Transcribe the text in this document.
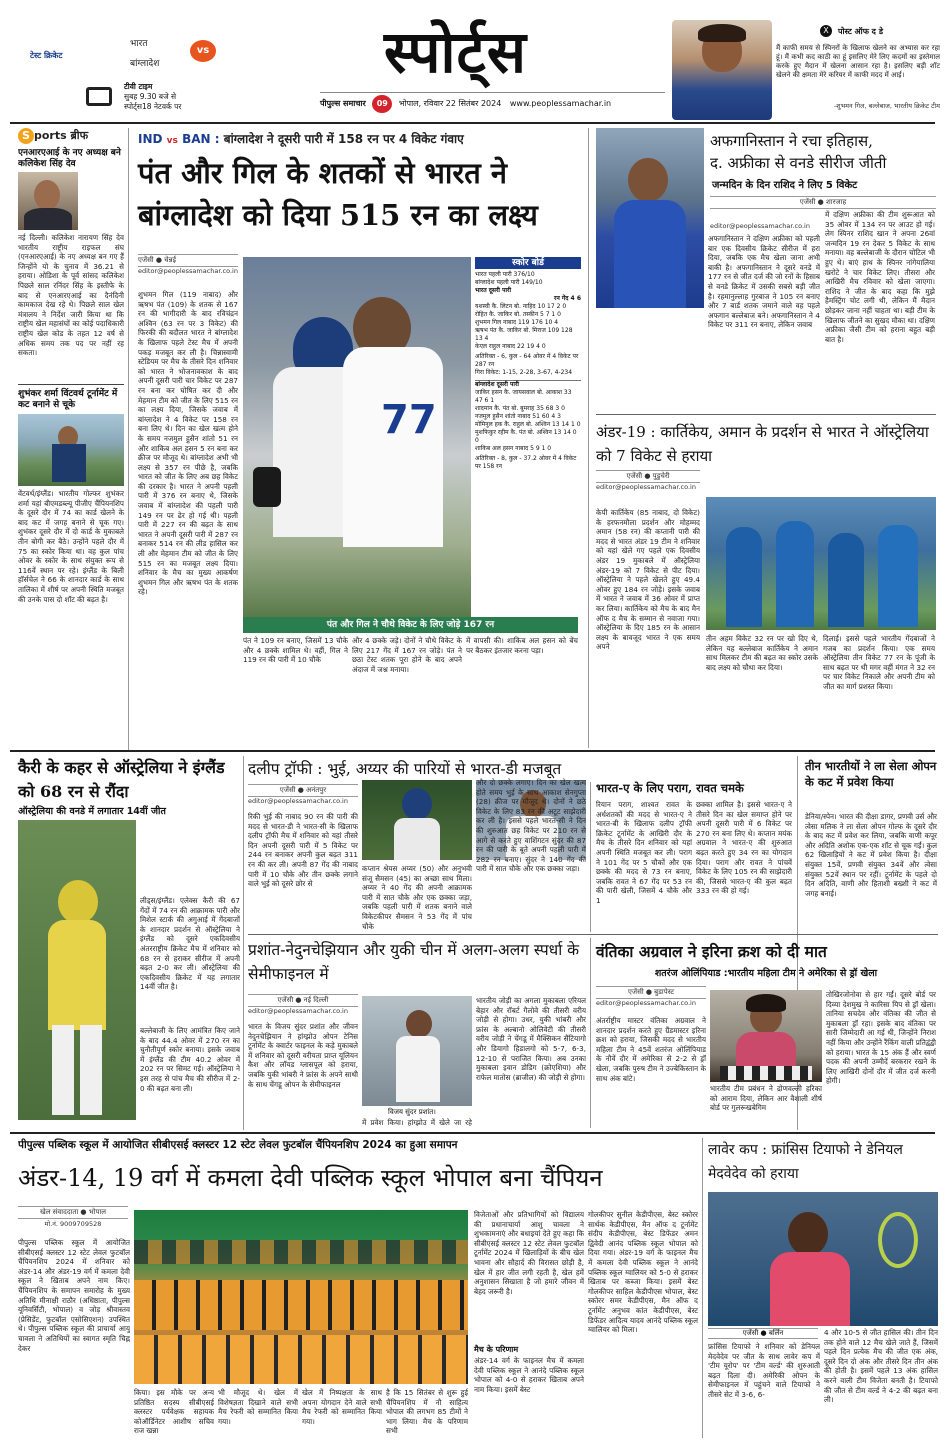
टेस्ट क्रिकेट
भारत
बांग्लादेश
vs
टीवी टाइम
सुबह 9.30 बजे से
स्पोर्ट्स18 नेटवर्क पर
स्पोर्ट्स
पीपुल्स समाचार 09 भोपाल, रविवार 22 सितंबर 2024 www.peoplessamachar.in
X	पोस्ट ऑफ द डे
मैं काफी समय से स्पिनरों के खिलाफ खेलने का अभ्यास कर रहा हूं। मैं कभी कद काठी का हूं इसलिए मेरे लिए कदमों का इस्तेमाल करके हुए मैदान में खेलना आसान रहा है। इसलिए बड़ी शॉट खेलने की क्षमता मेरे करियर में काफी मदद में आई।
-शुभमन गिल, बल्लेबाज, भारतीय क्रिकेट टीम
S ports ब्रीफ
एनआरएआई के नए अध्यक्ष बने कलिकेश सिंह देव
नई दिल्ली। कलिकेश नारायण सिंह देव भारतीय राष्ट्रीय राइफल संघ (एनआरएआई) के नए अध्यक्ष बन गए हैं जिन्होंने यो के चुनाव में 36.21 से हराया। ओडिशा के पूर्व सांसद कलिकेश पिछले साल रनिंदर सिंह के इस्तीफे के बाद से एनआरएआई का दैनंदिनी कामकाज देख रहे थे। पिछले साल खेल मंत्रालय ने निर्देश जारी किया था कि राष्ट्रीय खेल महासंघों का कोई पदाधिकारी राष्ट्रीय खेल कोड के तहत 12 वर्ष से अधिक समय तक पद पर नहीं रह सकता।
शुभंकर शर्मा विंटवर्थ टूर्नामेंट में कट बनाने से चूके
वेंटवर्थ/इंग्लैंड। भारतीय गोल्फर शुभंकर शर्मा यहां बीएमडब्ल्यू पीजीए चैंपियनशिप के दूसरे दौर में 74 का कार्ड खेलने के बाद कट में जगह बनाने से चूक गए। शुभंकर दूसरे दौर में दो कार्ड के मुकाबले तीन बोगी कर बैठे। उन्होंने पहले दौर में 75 का स्कोर किया था। वह कुल पांच ओवर के स्कोर के साथ संयुक्त रूप से 116वें स्थान पर रहे। इंग्लैंड के बिली हॉर्सचेल ने 66 के शानदार कार्ड के साथ तालिका में शीर्ष पर अपनी स्थिति मजबूत की उनके पास दो शॉट की बढ़त है।
IND vs BAN : बांग्लादेश ने दूसरी पारी में 158 रन पर 4 विकेट गंवाए
पंत और गिल के शतकों से भारत ने बांग्लादेश को दिया 515 रन का लक्ष्य
एजेंसी ● चेन्नई
editor@peoplessamachar.co.in
शुभमन गिल (119 नाबाद) और ऋषभ पंत (109) के शतक से 167 रन की भागीदारी के बाद रविचंद्रन अश्विन (63 रन पर 3 विकेट) की फिरकी की बदौलत भारत ने बांग्लादेश के खिलाफ पहले टेस्ट मैच में अपनी पकड़ मजबूत कर ली है। चिन्नास्वामी स्टेडियम पर मैच के तीसरे दिन शनिवार को भारत ने भोजनावकाश के बाद अपनी दूसरी पारी चार विकेट पर 287 रन बना कर घोषित कर दी और मेहमान टीम को जीत के लिए 515 रन का लक्ष्य दिया, जिसके जवाब में बांग्लादेश ने 4 विकेट पर 158 रन बना लिए थे। दिन का खेल खत्म होने के समय नजमुल हुसैन शांतो 51 रन और शाकिब अल हसन 5 रन बना कर क्रीज पर मौजूद थे। बांग्लादेश अभी भी लक्ष्य से 357 रन पीछे है, जबकि भारत को जीत के लिए अब छह विकेट की दरकार है। भारत ने अपनी पहली पारी में 376 रन बनाए थे, जिसके जवाब में बांग्लादेश की पहली पारी 149 रन पर ढेर हो गई थी। पहली पारी में 227 रन की बढ़त के साथ भारत ने अपनी दूसरी पारी में 287 रन बनाकर 514 रन की लीड हासिल कर ली और मेहमान टीम को जीत के लिए 515 रन का मजबूत लक्ष्य दिया। शनिवार के मैच का मुख्य आकर्षण शुभमन गिल और ऋषभ पंत के शतक रहे।
77
पंत और गिल ने चौथे विकेट के लिए जोड़े 167 रन
पंत ने 109 रन बनाए, जिसमें 13 चौके और 4 छक्के शामिल थे। वहीं, गिल ने 119 रन की पारी में 10 चौके
और 4 छक्के जड़े। दोनों ने चौथे विकेट के लिए 217 गेंद में 167 रन जोड़े। पंत ने छठा टेस्ट शतक पूरा होने के बाद अपने अंदाज में जश्न मनाया।
में वापसी की। शाकिब अल हसन को बेंच पर बैठकर इंतजार करना पड़ा।
स्कोर बोर्ड
भारत पहली पारी 376/10
बांग्लादेश पहली पारी 149/10
भारत दूसरी पारी
रन गेंद 4 6
यशस्वी कै. लिटन बो. नाहिद 10 17 2 0
रोहित कै. जाकिर बो. तस्कीन 5 7 1 0
शुभमन गिल नाबाद 119 176 10 4
ऋषभ पंत कै. जाकिर बो. मिराज 109 128 13 4
केएल राहुल नाबाद 22 19 4 0
अतिरिक्त - 6, कुल - 64 ओवर में 4 विकेट पर 287 रन
गिरा विकेट: 1-15, 2-28, 3-67, 4-234
बांग्लादेश दूसरी पारी
जाकिर हसन कै. जायसवाल बो. आकाश 33 47 6 1
शादमान कै. पंत बो. बुमराह 35 68 3 0
नजमुल हुसैन शांतो नाबाद 51 60 4 3
मोमिनुल हक कै. राहुल बो. अश्विन 13 14 1 0
मुशफिकुर रहीम कै. पंत बो. अश्विन 13 14 0 0
शाकिब अल हसन नाबाद 5 9 1 0
अतिरिक्त - 8, कुल - 37.2 ओवर में 4 विकेट पर 158 रन
अफगानिस्तान ने रचा इतिहास,
द. अफ्रीका से वनडे सीरीज जीती
जन्मदिन के दिन राशिद ने लिए 5 विकेट
एजेंसी ● शारजाह
editor@peoplessamachar.co.in
अफगानिस्तान ने दक्षिण अफ्रीका को पहली बार एक दिवसीय क्रिकेट सीरीज में हरा दिया, जबकि एक मैच खेला जाना अभी बाकी है। अफगानिस्तान ने दूसरे वनडे में 177 रन से जीत दर्ज की जो रनों के हिसाब से वनडे क्रिकेट में उसकी सबसे बड़ी जीत है। रहमानुल्लाह गुरबाज ने 105 रन बनाए और 7 बार्ड शतक जमाने वाले वह पहले अफगान बल्लेबाज बने। अफगानिस्तान ने 4 विकेट पर 311 रन बनाए, लेकिन जवाब
में दक्षिण अफ्रीका की टीम शुरूआत को 35 ओवर में 134 रन पर आउट हो गई। लेग स्पिनर राशिद खान ने अपना 26वां जन्मदिन 19 रन देकर 5 विकेट के साथ मनाया। वह बल्लेबाजी के दौरान चोटिल भी हुए थे। बाएं हाथ के स्पिनर नांगेयालिया खरोटे ने चार विकेट लिए। तीसरा और आखिरी मैच रविवार को खेला जाएगा। राशिद ने जीत के बाद कहा कि मुझे हैमस्ट्रिंग चोट लगी थी, लेकिन मैं मैदान छोड़कर जाना नहीं चाहता था। बड़ी टीम के खिलाफ जीतने का सुखद मौका था। दक्षिण अफ्रीका जैसी टीम को हराना बहुत बड़ी बात है।
अंडर-19 : कार्तिकेय, अमान के प्रदर्शन से भारत ने ऑस्ट्रेलिया को 7 विकेट से हराया
एजेंसी ● पुडुचेरी
editor@peoplessamachar.co.in
केपी कार्तिकेय (85 नाबाद, दो विकेट) के हरफनमौला प्रदर्शन और मोहम्मद अमान (58 रन) की कप्तानी पारी की मदद से भारत अंडर 19 टीम ने शनिवार को यहां खेले गए पहले एक दिवसीय अंडर 19 मुकाबले में ऑस्ट्रेलिया अंडर-19 को 7 विकेट से पीट दिया। ऑस्ट्रेलिया ने पहले खेलते हुए 49.4 ओवर हुए 184 रन जोड़े। इसके जवाब में भारत ने जवाब में 36 ओवर में प्राप्त कर लिया। कार्तिकेय को मैच के बाद मैन ऑफ द मैच के सम्मान से नवाजा गया। ऑस्ट्रेलिया के दिए 185 रन के आसान लक्ष्य के बावजूद भारत ने एक समय अपने
तीन अहम विकेट 32 रन पर खो दिए थे, लेकिन यह बल्लेबाज कार्तिकेय ने अमान साथ मिलकर टीम की बढ़त का स्कोर उसके बाद लक्ष्य को चौथा कर दिया।
दिलाई। इससे पहले भारतीय गेंदबाजों ने गजब का प्रदर्शन किया। एक समय ऑस्ट्रेलिया तीन विकेट 77 रन के पूंजी के साथ बढ़त पर थी मगर वहीं मंगत ने 32 रन पर चार विकेट निकाले और अपनी टीम को जीत का मार्ग प्रशस्त किया।
कैरी के कहर से ऑस्ट्रेलिया ने इंग्लैंड को 68 रन से रौंदा
ऑस्ट्रेलिया की वनडे में लगातार 14वीं जीत
लीड्स/इंग्लैंड। एलेक्स कैरी की 67 गेंदों में 74 रन की आक्रामक पारी और मिशेल स्टार्क की अगुआई में गेंदबाजों के शानदार प्रदर्शन से ऑस्ट्रेलिया ने इंग्लैंड को दूसरे एकदिवसीय अंतरराष्ट्रीय क्रिकेट मैच में शनिवार को 68 रन से हराकर सीरीज में अपनी बढ़त 2-0 कर ली। ऑस्ट्रेलिया की एकदिवसीय क्रिकेट में यह लगातार 14वीं जीत है।
बल्लेबाजी के लिए आमंत्रित किए जाने के बाद 44.4 ओवर में 270 रन का चुनौतीपूर्ण स्कोर बनाया। इसके जवाब में इंग्लैंड की टीम 40.2 ओवर में 202 रन पर सिमट गई। ऑस्ट्रेलिया ने इस तरह से पांच मैच की सीरीज में 2-0 की बढ़त बना ली।
दलीप ट्रॉफी : भुई, अय्यर की पारियों से भारत-डी मजबूत
एजेंसी ● अनंतपुर
editor@peoplessamachar.co.in
रिकी भुई की नाबाद 90 रन की पारी की मदद से भारत-डी ने भारत-सी के खिलाफ दलीप ट्रॉफी मैच में शनिवार को यहां तीसरे दिन अपनी दूसरी पारी में 5 विकेट पर 244 रन बनाकर अपनी कुल बढ़त 311 रन की कर ली। अपनी 87 गेंद की नाबाद पारी में 10 चौके और तीन छक्के लगाने वाले भुई को दूसरे छोर से
कप्तान श्रेयस अय्यर (50) और अनुभवी संजू सैमसन (45) का अच्छा साथ मिला। अय्यर ने 40 गेंद की अपनी आक्रामक पारी में सात चौके और एक छक्का जड़ा, जबकि पहली पारी में शतक बनाने वाले विकेटकीपर सैमसन ने 53 गेंद में पांच चौके
और दो छक्के लगाए। दिन का खेल खत्म होते समय भुई के साथ आकाश सेनगुप्ता (28) क्रीज पर मौजूद थे। दोनों ने छठे विकेट के लिए 83 रन की अटूट साझेदारी कर ली है। इससे पहले भारत-सी ने दिन की शुरुआत छह विकेट पर 210 रन से आगे से करते हुए वाशिंगटन सुंदर की 87 रन की पारी के बूते अपनी पहली पारी में 282 रन बनाए। सुंदर ने 140 गेंद की पारी में सात चौके और एक छक्का जड़ा।
भारत-ए के लिए पराग, रावत चमके
रियान पराग, शाश्वत रावत के अर्धशतकों की मदद से भारत-ए ने भारत-बी के खिलाफ दलीप ट्रॉफी क्रिकेट टूर्नामेंट के आखिरी दौर के मैच के तीसरे दिन शनिवार को यहां अपनी स्थिति मजबूत कर ली। पराग ने 101 गेंद पर 5 चौकों और एक छक्के की मदद से 73 रन बनाए, जबकि रावत ने 67 गेंद पर 53 रन की पारी खेली, जिसमें 4 चौके और 1
छक्का शामिल है। इससे भारत-ए ने तीसरे दिन का खेल समाप्त होने पर अपनी दूसरी पारी में 6 विकेट पर 270 रन बना लिए थे। कप्तान मयंक अग्रवाल ने भारत-ए की शुरुआत बढ़त करते हुए 34 रन का योगदान दिया। पराग और रावत ने पांचवें विकेट के लिए 105 रन की साझेदारी की, जिससे भारत-ए की कुल बढ़त 333 रन की हो गई।
तीन भारतीयों ने ला सेला ओपन के कट में प्रवेश किया
डेनिया/स्पेन। भारत की दीक्षा डागर, प्रणवी उर्स और त्वेसा मलिक ने ला सेला ओपन गोल्फ के दूसरे दौर के बाद कट में प्रवेश कर लिया, जबकि वाणी कपूर और अदिति अशोक एक-एक शॉट से चूक गईं। कुल 62 खिलाड़ियों ने कट में प्रवेश किया है। दीक्षा संयुक्त 15वें, प्रणवी संयुक्त 34वें और त्वेसा संयुक्त 52वें स्थान पर रहीं। टूर्नामेंट के पहले दो दिन अदिति, वाणी और हिताशी बख्शी ने कट में जगह बनाई।
प्रशांत-नेदुनचेझियान और युकी चीन में अलग-अलग स्पर्धा के सेमीफाइनल में
एजेंसी ● नई दिल्ली
editor@peoplessamachar.co.in
भारत के विजय सुंदर प्रशांत और जीवन नेदुनचेझियान ने हांग्झोउ ओपन टेनिस टूर्नामेंट के क्वार्टर फाइनल के कड़े मुकाबले में शनिवार को दूसरी वरीयता प्राप्त यूलियन कैश और लॉयड ग्लासपूल को हराया, जबकि युकी भांबरी ने फ्रांस के अपने साथी के साथ चेंगडू ओपन के सेमीफाइनल
विजय सुंदर प्रशांत।
में प्रवेश किया। हांग्झोउ में खेले जा रहे
भारतीय जोड़ी का अगला मुकाबला एरियल बेहार और रॉबर्ट गैलोवे की तीसरी वरीय जोड़ी से होगा। उधर, युकी भांबरी और फ्रांस के अल्बानो ओलिवेटी की तीसरी वरीय जोड़ी ने चेंगडू में मैक्सिकन सैंटियागो और डियागो हिडालगो को 5-7, 6-3, 12-10 से पराजित किया। अब उनका मुकाबला इवान डोडिग (क्रोएशिया) और राफेल मातोस (ब्राजील) की जोड़ी से होगा।
वंतिका अग्रवाल ने इरिना क्रश को दी मात
शतरंज ओलिंपियाड :भारतीय महिला टीम ने अमेरिका से ड्रॉ खेला
एजेंसी ● बुडापेस्ट
editor@peoplessamachar.co.in
अंतर्राष्ट्रीय मास्टर वंतिका अग्रवाल ने शानदार प्रदर्शन करते हुए ग्रैंडमास्टर इरिना क्रश को हराया, जिसकी मदद से भारतीय महिला टीम ने 45वें शतरंज ओलिंपियाड के नौवें दौर में अमेरिका से 2-2 से ड्रॉ खेला, जबकि पुरुष टीम ने उज्बेकिस्तान के साथ अंक बांटे।
भारतीय टीम प्रबंधन ने द्रोणवल्ली हरिका को आराम दिया, लेकिन आर वैशाली शीर्ष बोर्ड पर गुलरूखबेगिम
तोखिरजोनोवा से हार गईं। दूसरे बोर्ड पर दिव्या देशमुख ने कारिसा यिप से ड्रॉ खेला। तानिया सचदेव और वंतिका की जीत से मुकाबला ड्रॉ रहा। इसके बाद वंतिका पर सारी जिम्मेदारी आ गई थी, जिन्होंने निराश नहीं किया और उन्होंने रैंकिंग वाली प्रतिद्वंद्वी को हराया। भारत के 15 अंक हैं और स्वर्ण पदक की अपनी उम्मीदें बरकरार रखने के लिए आखिरी दोनों दौर में जीत दर्ज करनी होगी।
पीपुल्स पब्लिक स्कूल में आयोजित सीबीएसई क्लस्टर 12 स्टेट लेवल फुटबॉल चैंपियनशिप 2024 का हुआ समापन
अंडर-14, 19 वर्ग में कमला देवी पब्लिक स्कूल भोपाल बना चैंपियन
खेल संवाददाता ● भोपाल
मो.नं. 9009709528
पीपुल्स पब्लिक स्कूल में आयोजित सीबीएसई क्लस्टर 12 स्टेट लेवल फुटबॉल चैंपियनशिप 2024 में शनिवार को अंडर-14 और अंडर-19 वर्ग में कमला देवी स्कूल ने खिताब अपने नाम किए। चैंपियनशिप के समापन समारोह के मुख्य अतिथि मीनाक्षी राठौर (अधिष्ठाता, पीपुल्स यूनिवर्सिटी, भोपाल) व जोड़ श्रीवास्तव (प्रेसिडेंट, फुटबॉल एसोसिएशन) उपस्थित थे। पीपुल्स पब्लिक स्कूल की प्राचार्या आयु चावला ने अतिथियों का स्वागत स्मृति चिह्न देकर
किया। इस मौके पर अन्य प्रतिष्ठित सदस्य सीबीएसई क्लस्टर पर्यवेक्षक सहायक कोऑर्डिनेटर आशीष सचिव राज खन्ना
भी मौजूद थे। खेल में विशेषज्ञता दिखाने वाले सभी मैच रेफरी को सम्मानित किया गया।
खेल में निष्पक्षता के साथ अपना योगदान देने वाले सभी मैच रेफरी को सम्मानित किया गया।
है कि 15 सितंबर से शुरू हुई चैंपियनशिप में नौ साहित्य भोपाल की लगभग 85 टीमों ने भाग लिया। मैच के परिणाम सभी
विजेताओं और प्रतिभागियों को विद्यालय की प्रधानाचार्या आशु चावला ने शुभकामनाएं और बधाइयां देते हुए कहा कि सीबीएसई क्लस्टर 12 स्टेट लेवल फुटबॉल टूर्नामेंट 2024 में खिलाड़ियों के बीच खेल भावना और सौहार्द की विरासत छोड़ी है, खेल में हार जीत लगी रहती है, खेल हमें अनुशासन सिखाता है जो हमारे जीवन में बेहद जरूरी है।
मैच के परिणाम
अंडर-14 वर्ग के फाइनल मैच में कमला देवी पब्लिक स्कूल ने आनंदे पब्लिक स्कूल भोपाल को 4-0 से हराकर खिताब अपने नाम किया। इसमें बेस्ट
गोलकीपर सुनील केडीपीएस, बेस्ट स्कोरर सार्थक केडीपीएस, मैन ऑफ द टूर्नामेंट संदीप केडीपीएस, बेस्ट डिफेंडर अमन द्विवेदी आनंद पब्लिक स्कूल भोपाल को दिया गया। अंडर-19 वर्ग के फाइनल मैच में कमला देवी पब्लिक स्कूल ने आनंदे पब्लिक स्कूल ग्वालियर को 5-0 से हराकर खिताब पर कब्जा किया। इसमें बेस्ट गोलकीपर साहिल केडीपीएस भोपाल, बेस्ट स्कोरर समर केडीपीएस, मैन ऑफ द टूर्नामेंट अनुभव कांत केडीपीएस, बेस्ट डिफेंडर आदित्य यादव आनंदे पब्लिक स्कूल ग्वालियर को मिला।
लावेर कप : फ्रांसिस टियाफो ने डेनियल मेदवेदेव को हराया
एजेंसी ● बर्लिन
फ्रांसिस टियाफो ने शनिवार को डेनियल मेदवेदेव पर जीत के साथ लावेर कप में 'टीम यूरोप' पर 'टीम वर्ल्ड' की शुरुआती बढ़त दिला दी। अमेरिकी ओपन के सेमीफाइनल में पहुंचने वाले टियाफो ने तीसरे सेट में 3-6, 6-
4 और 10-5 से जीत हासिल की। तीन दिन तक होने वाले 12 मैच खेले जाते हैं, जिसमें पहले दिन प्रत्येक मैच की जीत एक अंक, दूसरे दिन दो अंक और तीसरे दिन तीन अंक की होती है। इसमें पहले 13 अंक हासिल करने वाली टीम विजेता बनती है। टियाफो की जीत से टीम वर्ल्ड ने 4-2 की बढ़त बना ली।
